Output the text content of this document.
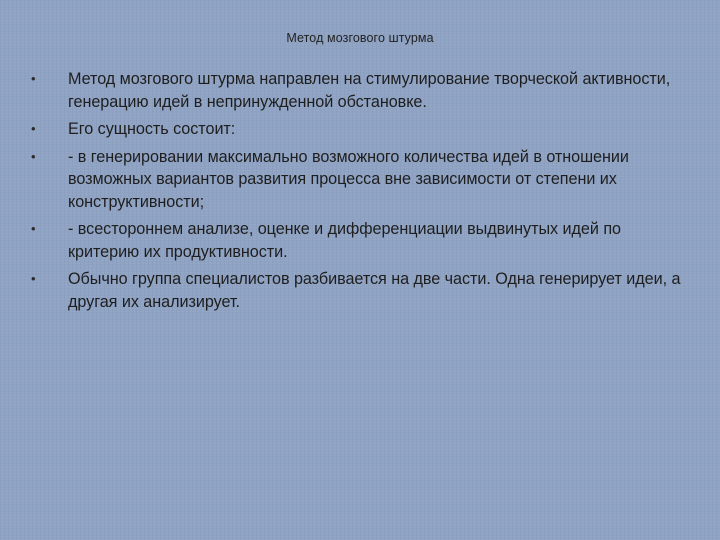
Метод мозгового штурма
•	Метод мозгового штурма направлен на стимулирование творческой активности, генерацию идей в непринужденной обстановке.
•	Его сущность состоит:
•	- в генерировании максимально возможного количества идей в отношении возможных вариантов развития процесса вне зависимости от степени их конструктивности;
•	- всестороннем анализе, оценке и дифференциации выдвинутых идей по критерию их продуктивности.
•	Обычно группа специалистов разбивается на две части. Одна генерирует идеи, а другая их анализирует.
